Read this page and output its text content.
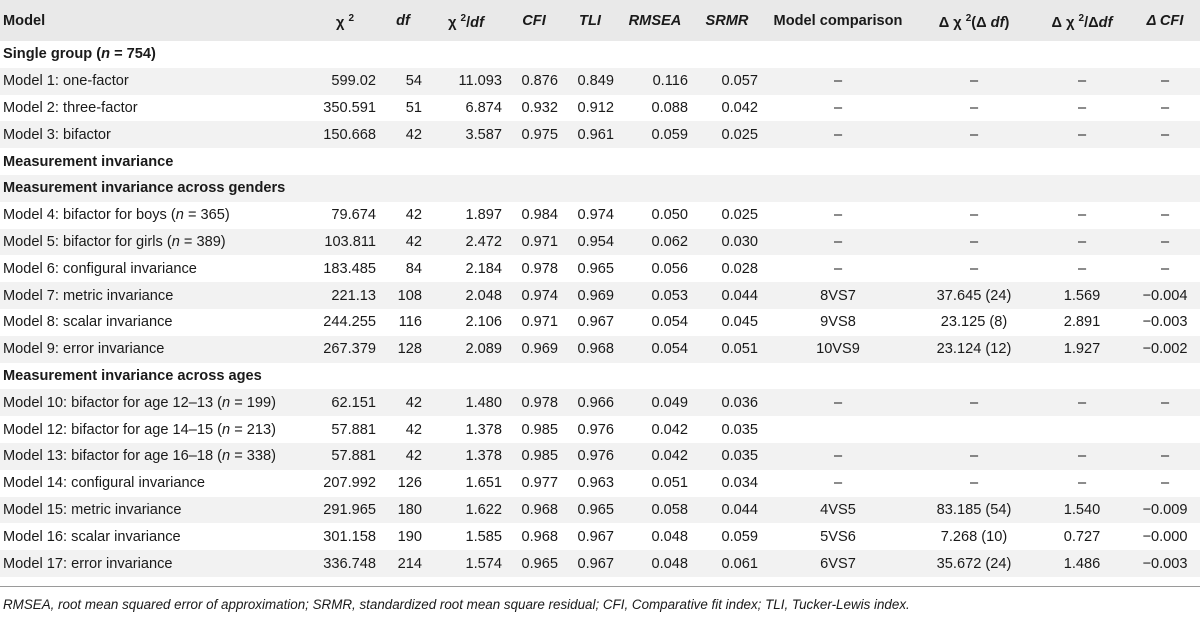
Model	χ $^2$	df	χ $^2$/df	CFI	TLI	RMSEA	SRMR	Model comparison	Δ χ $^2$(Δ df)	Δ χ $^2$/Δdf	Δ CFI
Single group (n = 754)											
Model 1: one-factor	599.02	54	11.093	0.876	0.849	0.116	0.057	–	–	–	–
Model 2: three-factor	350.591	51	6.874	0.932	0.912	0.088	0.042	–	–	–	–
Model 3: bifactor	150.668	42	3.587	0.975	0.961	0.059	0.025	–	–	–	–
Measurement invariance											
Measurement invariance across genders											
Model 4: bifactor for boys (n = 365)	79.674	42	1.897	0.984	0.974	0.050	0.025	–	–	–	–
Model 5: bifactor for girls (n = 389)	103.811	42	2.472	0.971	0.954	0.062	0.030	–	–	–	–
Model 6: configural invariance	183.485	84	2.184	0.978	0.965	0.056	0.028	–	–	–	–
Model 7: metric invariance	221.13	108	2.048	0.974	0.969	0.053	0.044	8VS7	37.645 (24)	1.569	−0.004
Model 8: scalar invariance	244.255	116	2.106	0.971	0.967	0.054	0.045	9VS8	23.125 (8)	2.891	−0.003
Model 9: error invariance	267.379	128	2.089	0.969	0.968	0.054	0.051	10VS9	23.124 (12)	1.927	−0.002
Measurement invariance across ages											
Model 10: bifactor for age 12–13 (n = 199)	62.151	42	1.480	0.978	0.966	0.049	0.036	–	–	–	–
Model 12: bifactor for age 14–15 (n = 213)	57.881	42	1.378	0.985	0.976	0.042	0.035				
Model 13: bifactor for age 16–18 (n = 338)	57.881	42	1.378	0.985	0.976	0.042	0.035	–	–	–	–
Model 14: configural invariance	207.992	126	1.651	0.977	0.963	0.051	0.034	–	–	–	–
Model 15: metric invariance	291.965	180	1.622	0.968	0.965	0.058	0.044	4VS5	83.185 (54)	1.540	−0.009
Model 16: scalar invariance	301.158	190	1.585	0.968	0.967	0.048	0.059	5VS6	7.268 (10)	0.727	−0.000
Model 17: error invariance	336.748	214	1.574	0.965	0.967	0.048	0.061	6VS7	35.672 (24)	1.486	−0.003
RMSEA, root mean squared error of approximation; SRMR, standardized root mean square residual; CFI, Comparative fit index; TLI, Tucker-Lewis index.
